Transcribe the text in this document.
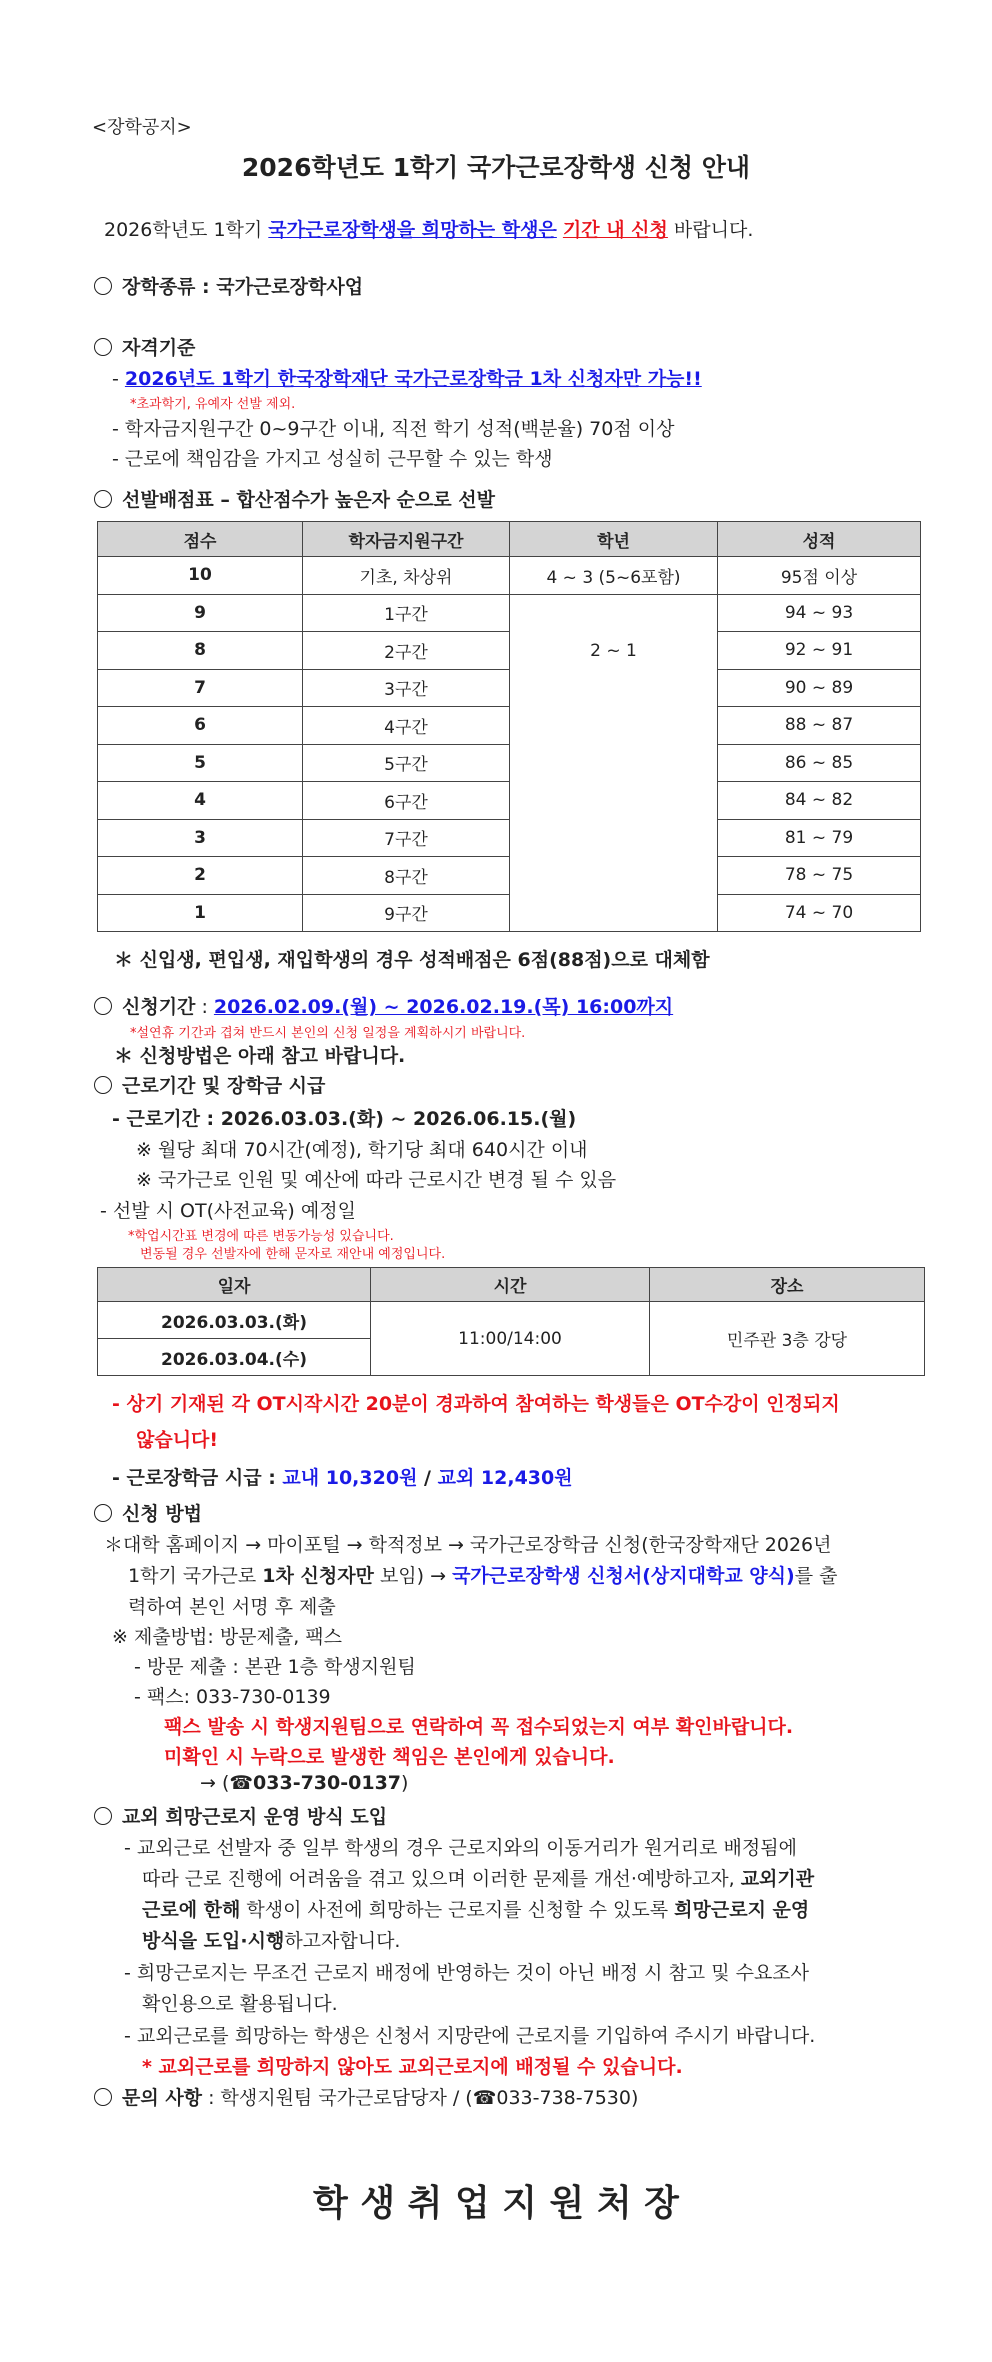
<장학공지>
2026학년도 1학기 국가근로장학생 신청 안내
2026학년도 1학기 국가근로장학생을 희망하는 학생은 기간 내 신청 바랍니다.
장학종류 : 국가근로장학사업
자격기준
- 2026년도 1학기 한국장학재단 국가근로장학금 1차 신청자만 가능!!
*초과학기, 유예자 선발 제외.
- 학자금지원구간 0~9구간 이내, 직전 학기 성적(백분율) 70점 이상
- 근로에 책임감을 가지고 성실히 근무할 수 있는 학생
선발배점표 – 합산점수가 높은자 순으로 선발
점수	학자금지원구간	학년	성적
10	기초, 차상위	4 ~ 3 (5~6포함)	95점 이상
9	1구간	2 ~ 1	94 ~ 93
8	2구간		92 ~ 91
7	3구간		90 ~ 89
6	4구간		88 ~ 87
5	5구간		86 ~ 85
4	6구간		84 ~ 82
3	7구간		81 ~ 79
2	8구간		78 ~ 75
1	9구간		74 ~ 70
＊ 신입생, 편입생, 재입학생의 경우 성적배점은 6점(88점)으로 대체함
신청기간 : 2026.02.09.(월) ~ 2026.02.19.(목) 16:00까지
*설연휴 기간과 겹쳐 반드시 본인의 신청 일정을 계획하시기 바랍니다.
＊ 신청방법은 아래 참고 바랍니다.
근로기간 및 장학금 시급
- 근로기간 : 2026.03.03.(화) ~ 2026.06.15.(월)
※ 월당 최대 70시간(예정), 학기당 최대 640시간 이내
※ 국가근로 인원 및 예산에 따라 근로시간 변경 될 수 있음
- 선발 시 OT(사전교육) 예정일
*학업시간표 변경에 따른 변동가능성 있습니다.
변동될 경우 선발자에 한해 문자로 재안내 예정입니다.
일자	시간	장소
2026.03.03.(화)	11:00/14:00	민주관 3층 강당
2026.03.04.(수)		
- 상기 기재된 각 OT시작시간 20분이 경과하여 참여하는 학생들은 OT수강이 인정되지
않습니다!
- 근로장학금 시급 : 교내 10,320원 / 교외 12,430원
신청 방법
＊대학 홈페이지 → 마이포털 → 학적정보 → 국가근로장학금 신청(한국장학재단 2026년
1학기 국가근로 1차 신청자만 보임) → 국가근로장학생 신청서(상지대학교 양식)를 출
력하여 본인 서명 후 제출
※ 제출방법: 방문제출, 팩스
- 방문 제출 : 본관 1층 학생지원팀
- 팩스: 033-730-0139
팩스 발송 시 학생지원팀으로 연락하여 꼭 접수되었는지 여부 확인바랍니다.
미확인 시 누락으로 발생한 책임은 본인에게 있습니다.
→ (☎033-730-0137)
교외 희망근로지 운영 방식 도입
- 교외근로 선발자 중 일부 학생의 경우 근로지와의 이동거리가 원거리로 배정됨에
따라 근로 진행에 어려움을 겪고 있으며 이러한 문제를 개선·예방하고자, 교외기관
근로에 한해 학생이 사전에 희망하는 근로지를 신청할 수 있도록 희망근로지 운영
방식을 도입·시행하고자합니다.
- 희망근로지는 무조건 근로지 배정에 반영하는 것이 아닌 배정 시 참고 및 수요조사
확인용으로 활용됩니다.
- 교외근로를 희망하는 학생은 신청서 지망란에 근로지를 기입하여 주시기 바랍니다.
* 교외근로를 희망하지 않아도 교외근로지에 배정될 수 있습니다.
문의 사항 : 학생지원팀 국가근로담당자 / (☎033-738-7530)
학 생 취 업 지 원 처 장
